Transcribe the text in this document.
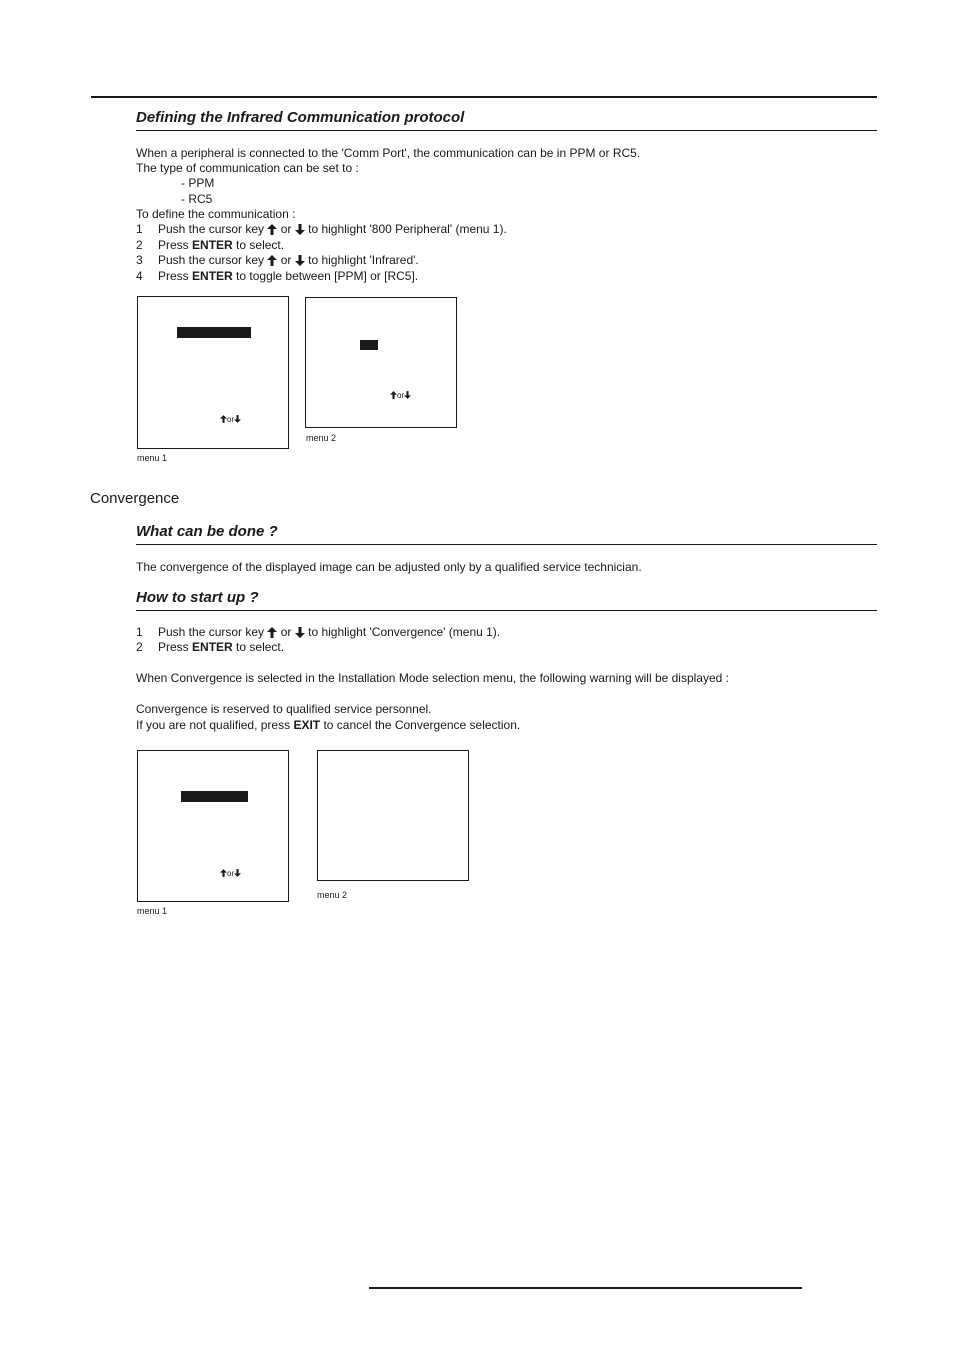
Defining the Infrared Communication protocol
When a peripheral is connected to the 'Comm Port', the communication can be in PPM or RC5.
The type of communication can be set to :
- PPM
- RC5
To define the communication :
1 Push the cursor key or to highlight '800 Peripheral' (menu 1).
2 Press ENTER to select.
3 Push the cursor key or to highlight 'Infrared'.
4 Press ENTER to toggle between [PPM] or [RC5].
or
menu 1
or
menu 2
Convergence
What can be done ?
The convergence of the displayed image can be adjusted only by a qualified service technician.
How to start up ?
1 Push the cursor key or to highlight 'Convergence' (menu 1).
2 Press ENTER to select.
When Convergence is selected in the Installation Mode selection menu, the following warning will be displayed :
Convergence is reserved to qualified service personnel.
If you are not qualified, press EXIT to cancel the Convergence selection.
or
menu 1
menu 2
